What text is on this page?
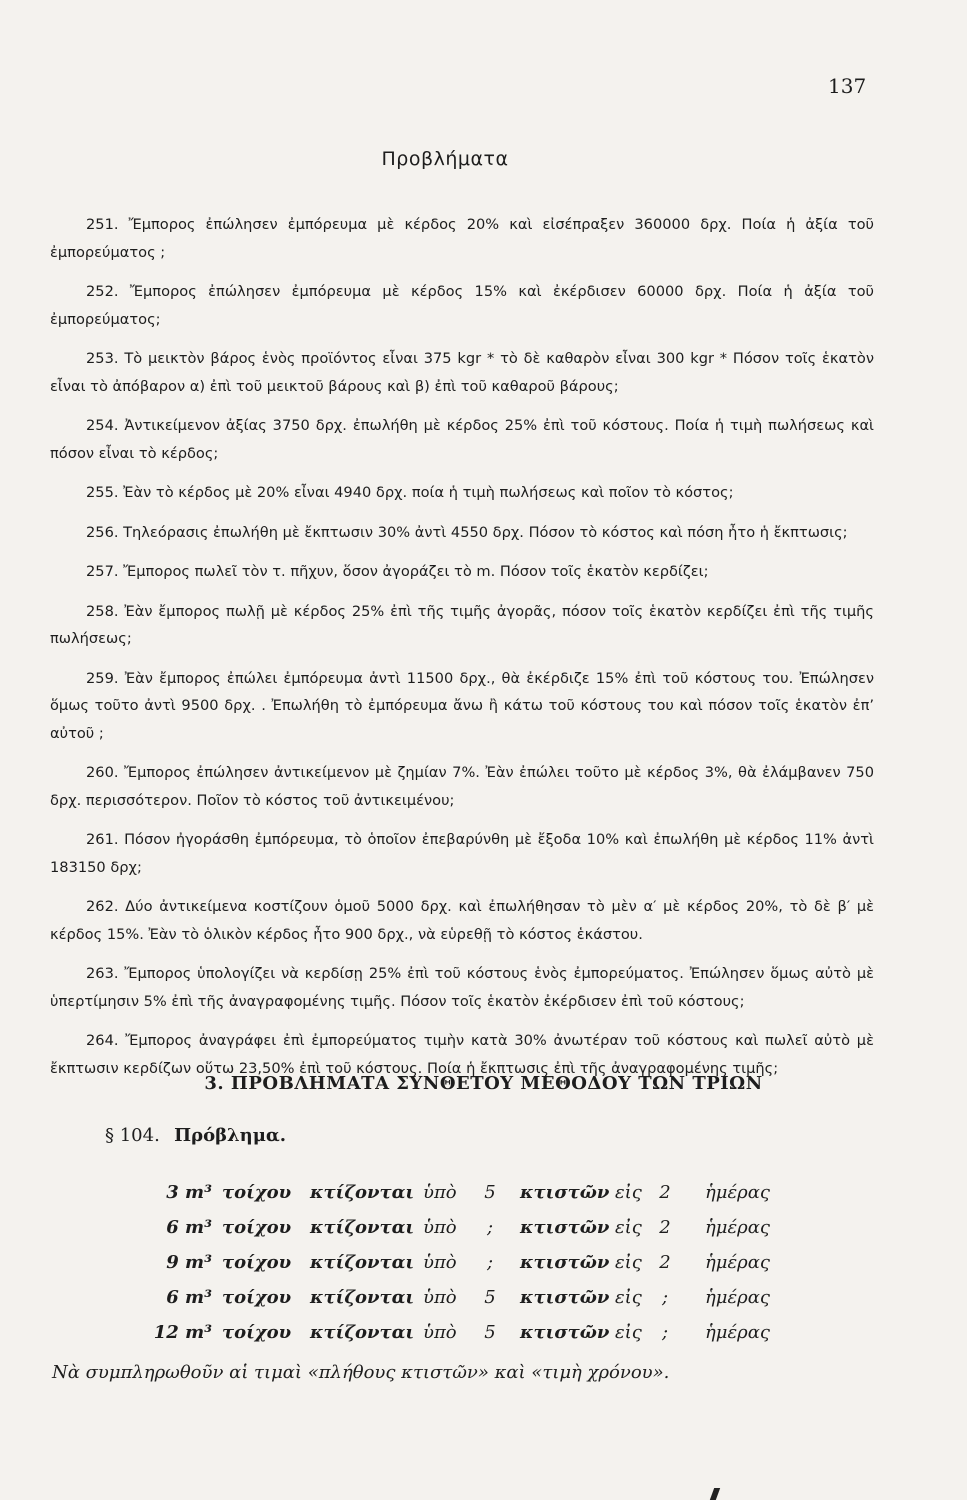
137
Προβλήματα

251. Ἔμπορος ἐπώλησεν ἐμπόρευμα μὲ κέρδος 20% καὶ εἰσέπραξεν 360000 δρχ. Ποία ἡ ἀξία τοῦ ἐμπορεύματος ;

252. Ἔμπορος ἐπώλησεν ἐμπόρευμα μὲ κέρδος 15% καὶ ἐκέρδισεν 60000 δρχ. Ποία ἡ ἀξία τοῦ ἐμπορεύματος;

253. Τὸ μεικτὸν βάρος ἑνὸς προϊόντος εἶναι 375 kgr * τὸ δὲ καθαρὸν εἶναι 300 kgr * Πόσον τοῖς ἑκατὸν εἶναι τὸ ἀπόβαρον α) ἐπὶ τοῦ μεικτοῦ βάρους καὶ β) ἐπὶ τοῦ καθαροῦ βάρους;

254. Ἀντικείμενον ἀξίας 3750 δρχ. ἐπωλήθη μὲ κέρδος 25% ἐπὶ τοῦ κόστους. Ποία ἡ τιμὴ πωλήσεως καὶ πόσον εἶναι τὸ κέρδος;

255. Ἐὰν τὸ κέρδος μὲ 20% εἶναι 4940 δρχ. ποία ἡ τιμὴ πωλήσεως καὶ ποῖον τὸ κόστος;

256. Τηλεόρασις ἐπωλήθη μὲ ἔκπτωσιν 30% ἀντὶ 4550 δρχ. Πόσον τὸ κόστος καὶ πόση ἦτο ἡ ἔκπτωσις;

257. Ἔμπορος πωλεῖ τὸν τ. πῆχυν, ὅσον ἀγοράζει τὸ m. Πόσον τοῖς ἑκατὸν κερδίζει;

258. Ἐὰν ἔμπορος πωλῇ μὲ κέρδος 25% ἐπὶ τῆς τιμῆς ἀγορᾶς, πόσον τοῖς ἑκατὸν κερδίζει ἐπὶ τῆς τιμῆς πωλήσεως;

259. Ἐὰν ἔμπορος ἐπώλει ἐμπόρευμα ἀντὶ 11500 δρχ., θὰ ἐκέρδιζε 15% ἐπὶ τοῦ κόστους του. Ἐπώλησεν ὅμως τοῦτο ἀντὶ 9500 δρχ. . Ἐπωλήθη τὸ ἐμπόρευμα ἄνω ἢ κάτω τοῦ κόστους του καὶ πόσον τοῖς ἑκατὸν ἐπ’ αὐτοῦ ;

260. Ἔμπορος ἐπώλησεν ἀντικείμενον μὲ ζημίαν 7%. Ἐὰν ἐπώλει τοῦτο μὲ κέρδος 3%, θὰ ἐλάμβανεν 750 δρχ. περισσότερον. Ποῖον τὸ κόστος τοῦ ἀντικειμένου;

261. Πόσον ἠγοράσθη ἐμπόρευμα, τὸ ὁποῖον ἐπεβαρύνθη μὲ ἔξοδα 10% καὶ ἐπωλήθη μὲ κέρδος 11% ἀντὶ 183150 δρχ;

262. Δύο ἀντικείμενα κοστίζουν ὁμοῦ 5000 δρχ. καὶ ἐπωλήθησαν τὸ μὲν α′ μὲ κέρδος 20%, τὸ δὲ β′ μὲ κέρδος 15%. Ἐὰν τὸ ὁλικὸν κέρδος ἦτο 900 δρχ., νὰ εὑρεθῇ τὸ κόστος ἑκάστου.

263. Ἔμπορος ὑπολογίζει νὰ κερδίσῃ 25% ἐπὶ τοῦ κόστους ἑνὸς ἐμπορεύματος. Ἐπώλησεν ὅμως αὐτὸ μὲ ὑπερτίμησιν 5% ἐπὶ τῆς ἀναγραφομένης τιμῆς. Πόσον τοῖς ἑκατὸν ἐκέρδισεν ἐπὶ τοῦ κόστους;

264. Ἔμπορος ἀναγράφει ἐπὶ ἐμπορεύματος τιμὴν κατὰ 30% ἀνωτέραν τοῦ κόστους καὶ πωλεῖ αὐτὸ μὲ ἔκπτωσιν κερδίζων οὕτω 23,50% ἐπὶ τοῦ κόστους. Ποία ἡ ἔκπτωσις ἐπὶ τῆς ἀναγραφομένης τιμῆς;

3. ΠΡΟΒΛΗΜΑΤΑ ΣΥΝΘΕΤΟΥ ΜΕΘΟΔΟΥ ΤΩΝ ΤΡΙΩΝ
§ 104. Πρόβλημα.
3 m³ τοίχου κτίζονται ὑπὸ 5 κτιστῶν εἰς 2 ἡμέρας
6 m³ τοίχου κτίζονται ὑπὸ	;	κτιστῶν εἰς 2 ἡμέρας
9 m³ τοίχου κτίζονται ὑπὸ	;	κτιστῶν εἰς 2 ἡμέρας
6 m³ τοίχου κτίζονται ὑπὸ 5 κτιστῶν εἰς	;	ἡμέρας
12 m³ τοίχου κτίζονται ὑπὸ 5 κτιστῶν εἰς	;	ἡμέρας
Νὰ συμπληρωθοῦν αἱ τιμαὶ «πλήθους κτιστῶν» καὶ «τιμὴ χρόνου».
